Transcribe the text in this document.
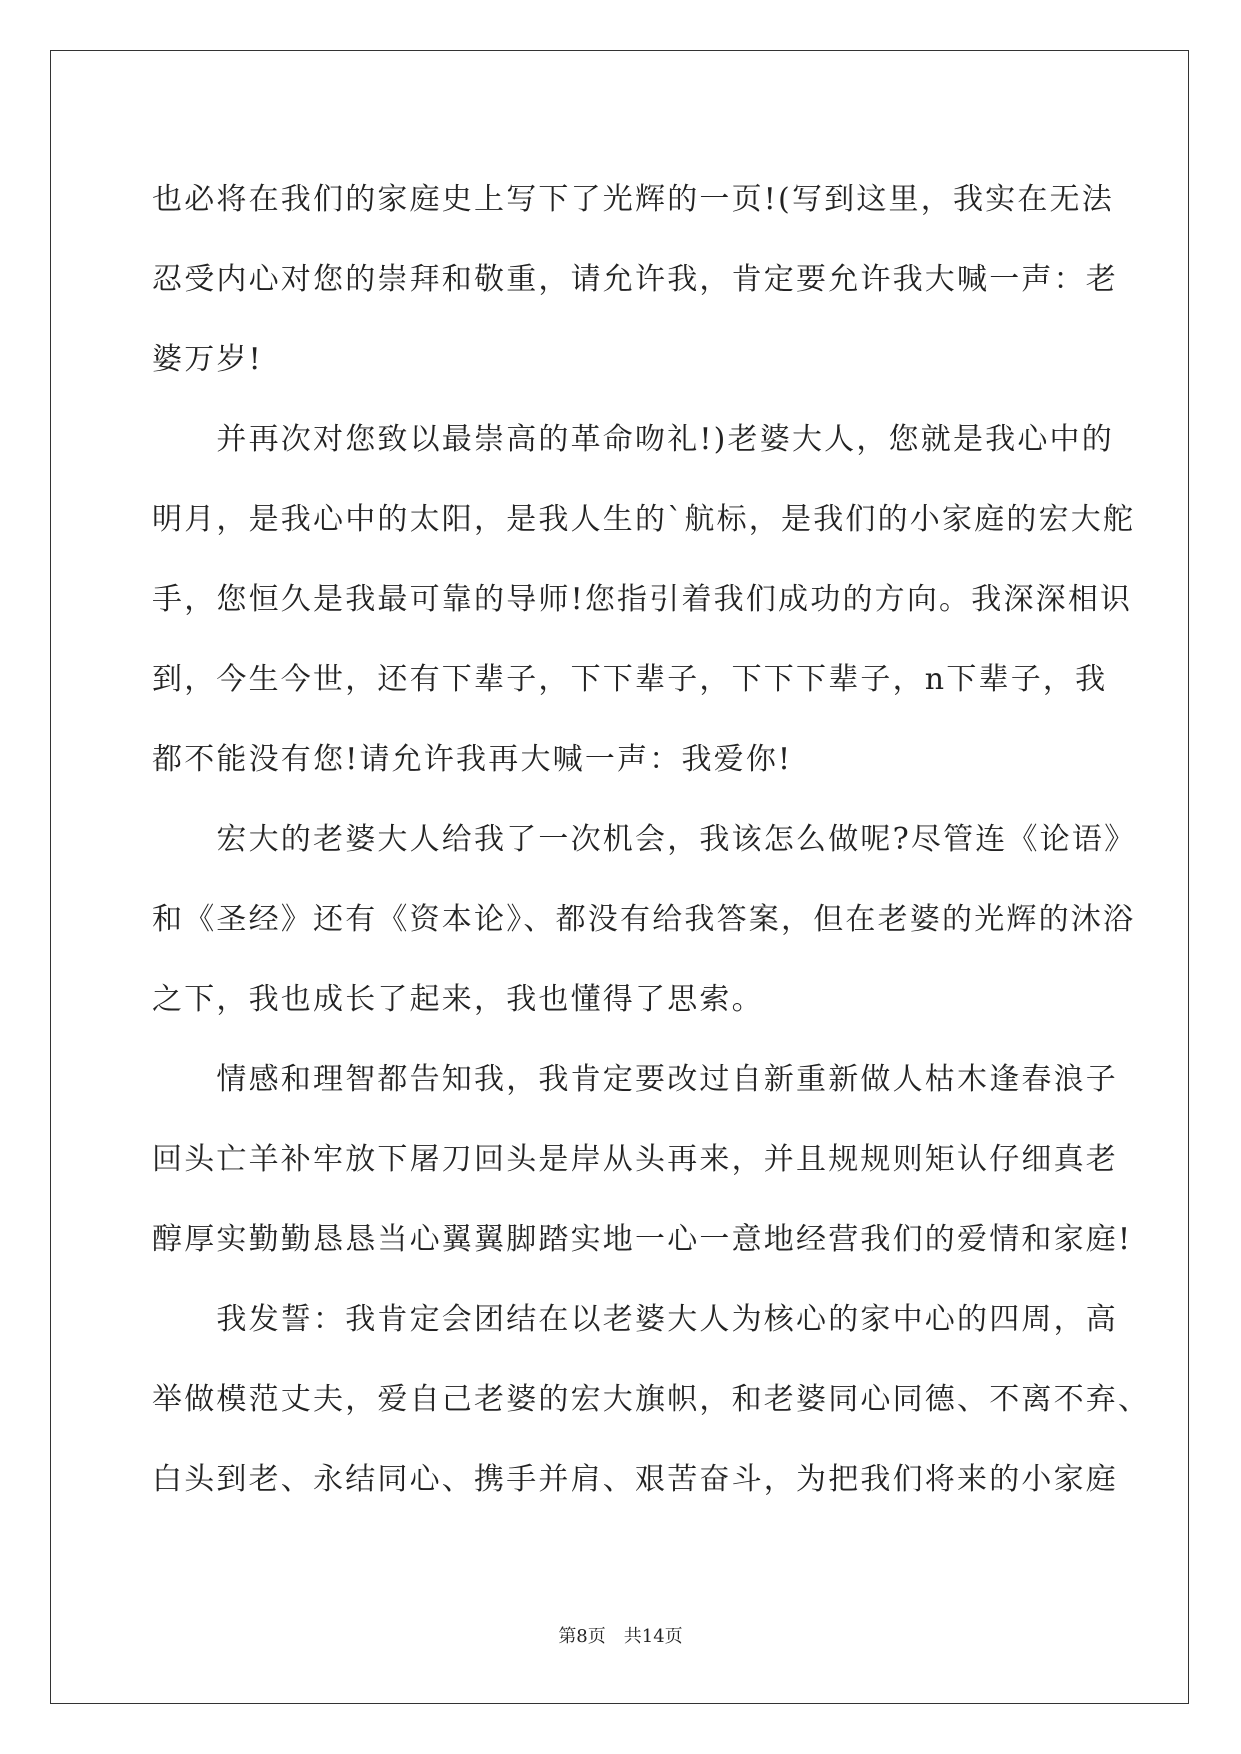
也必将在我们的家庭史上写下了光辉的一页!(写到这里，我实在无法
忍受内心对您的崇拜和敬重，请允许我，肯定要允许我大喊一声：老
婆万岁!
　　并再次对您致以最崇高的革命吻礼!)老婆大人，您就是我心中的
明月，是我心中的太阳，是我人生的`航标，是我们的小家庭的宏大舵
手，您恒久是我最可靠的导师!您指引着我们成功的方向。我深深相识
到，今生今世，还有下辈子，下下辈子，下下下辈子，n下辈子，我
都不能没有您!请允许我再大喊一声：我爱你!
　　宏大的老婆大人给我了一次机会，我该怎么做呢?尽管连《论语》
和《圣经》还有《资本论》、都没有给我答案，但在老婆的光辉的沐浴
之下，我也成长了起来，我也懂得了思索。
　　情感和理智都告知我，我肯定要改过自新重新做人枯木逢春浪子
回头亡羊补牢放下屠刀回头是岸从头再来，并且规规则矩认仔细真老
醇厚实勤勤恳恳当心翼翼脚踏实地一心一意地经营我们的爱情和家庭!
　　我发誓：我肯定会团结在以老婆大人为核心的家中心的四周，高
举做模范丈夫，爱自己老婆的宏大旗帜，和老婆同心同德、不离不弃、
白头到老、永结同心、携手并肩、艰苦奋斗，为把我们将来的小家庭
第8页　共14页
